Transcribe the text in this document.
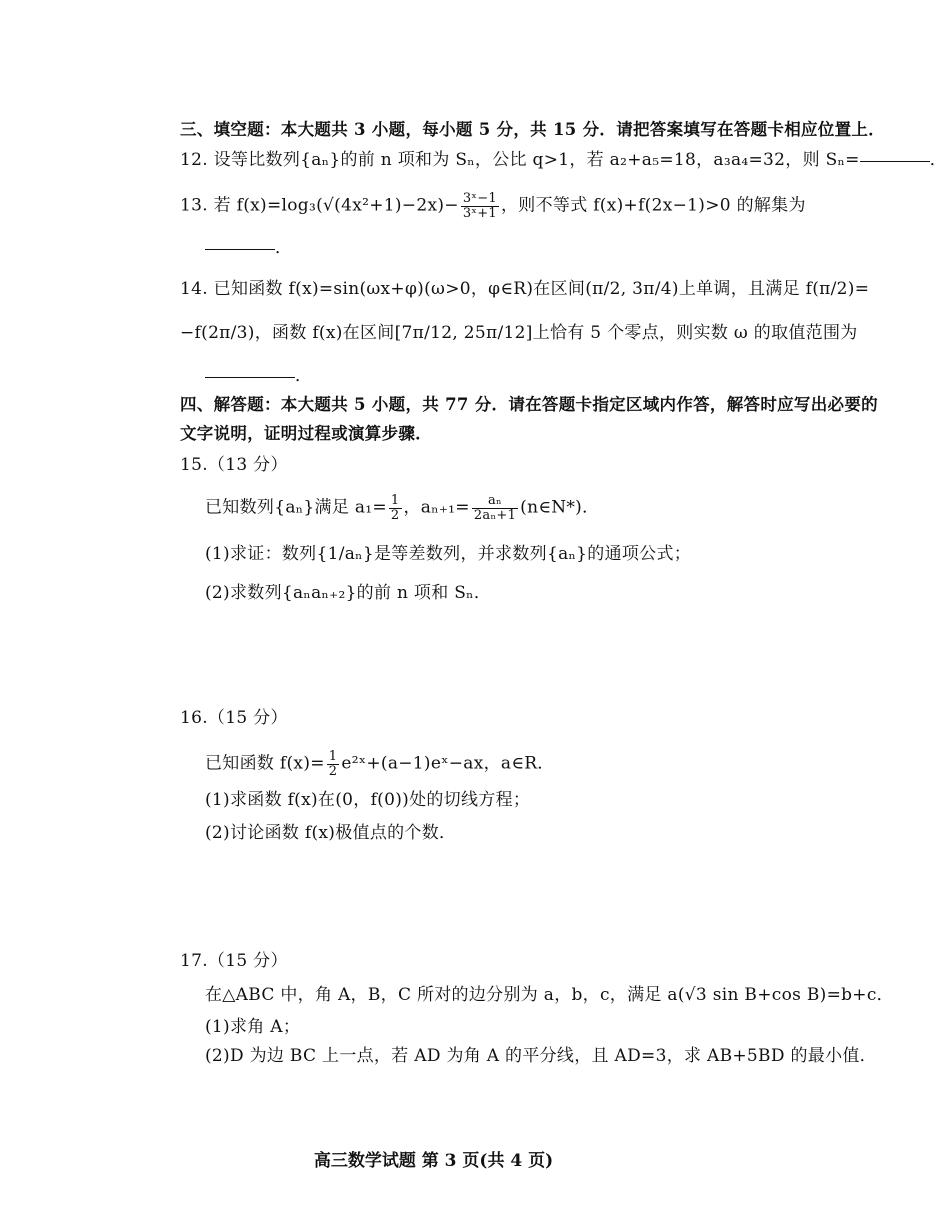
三、填空题：本大题共 3 小题，每小题 5 分，共 15 分．请把答案填写在答题卡相应位置上．
12. 设等比数列{aₙ}的前 n 项和为 Sₙ，公比 q>1，若 a₂+a₅=18，a₃a₄=32，则 Sₙ=	．
13. 若 $f(x)=\log_3(√(4x^2+1)-2x)- \frac{\text{3ˣ−1}}{\text{3ˣ+1}}$ ，则不等式 f(x)+f(2x−1)>0 的解集为
．
14. 已知函数 f(x)=sin(ωx+φ)(ω>0，φ∈R)在区间(π/2, 3π/4)上单调，且满足 f(π/2)=
−f(2π/3)，函数 f(x)在区间[7π/12, 25π/12]上恰有 5 个零点，则实数 ω 的取值范围为
．
四、解答题：本大题共 5 小题，共 77 分．请在答题卡指定区域内作答，解答时应写出必要的
文字说明，证明过程或演算步骤．
15.（13 分）
已知数列{aₙ}满足 $a_1= \frac{1}{2}$ ，$a_{n+1}= \frac{\text{aₙ}}{\text{2aₙ+1}}$ (n∈N*)．
(1)求证：数列{1/aₙ}是等差数列，并求数列{aₙ}的通项公式；
(2)求数列{aₙaₙ₊₂}的前 n 项和 Sₙ．
16.（15 分）
已知函数 $f(x)= \frac{1}{2}$ e²ˣ+(a−1)eˣ−ax，a∈R．
(1)求函数 f(x)在(0，f(0))处的切线方程；
(2)讨论函数 f(x)极值点的个数．
17.（15 分）
在△ABC 中，角 A，B，C 所对的边分别为 a，b，c，满足 a(√3 sin B+cos B)=b+c．
(1)求角 A；
(2)D 为边 BC 上一点，若 AD 为角 A 的平分线，且 AD=3，求 AB+5BD 的最小值．
高三数学试题 第 3 页(共 4 页)
